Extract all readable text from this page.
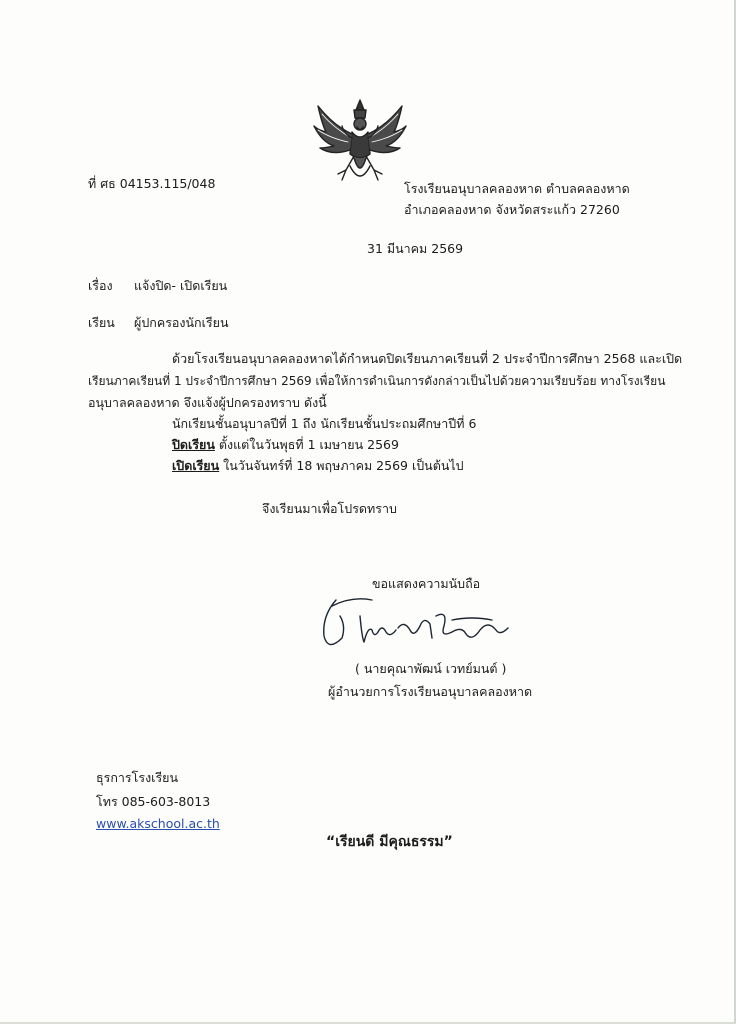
ที่ ศธ 04153.115/048	โรงเรียนอนุบาลคลองหาด ตำบลคลองหาด
อำเภอคลองหาด จังหวัดสระแก้ว 27260
31 มีนาคม 2569
เรื่อง แจ้งปิด- เปิดเรียน
เรียน ผู้ปกครองนักเรียน
ด้วยโรงเรียนอนุบาลคลองหาดได้กำหนดปิดเรียนภาคเรียนที่ 2 ประจำปีการศึกษา 2568 และเปิด
เรียนภาคเรียนที่ 1 ประจำปีการศึกษา 2569 เพื่อให้การดำเนินการดังกล่าวเป็นไปด้วยความเรียบร้อย ทางโรงเรียน
อนุบาลคลองหาด จึงแจ้งผู้ปกครองทราบ ดังนี้
นักเรียนชั้นอนุบาลปีที่ 1 ถึง นักเรียนชั้นประถมศึกษาปีที่ 6
ปิดเรียน ตั้งแต่ในวันพุธที่ 1 เมษายน 2569
เปิดเรียน ในวันจันทร์ที่ 18 พฤษภาคม 2569 เป็นต้นไป
จึงเรียนมาเพื่อโปรดทราบ
ขอแสดงความนับถือ
( นายคุณาพัฒน์ เวทย์มนต์ )
ผู้อำนวยการโรงเรียนอนุบาลคลองหาด
ธุรการโรงเรียน
โทร 085-603-8013
www.akschool.ac.th
“เรียนดี มีคุณธรรม”
